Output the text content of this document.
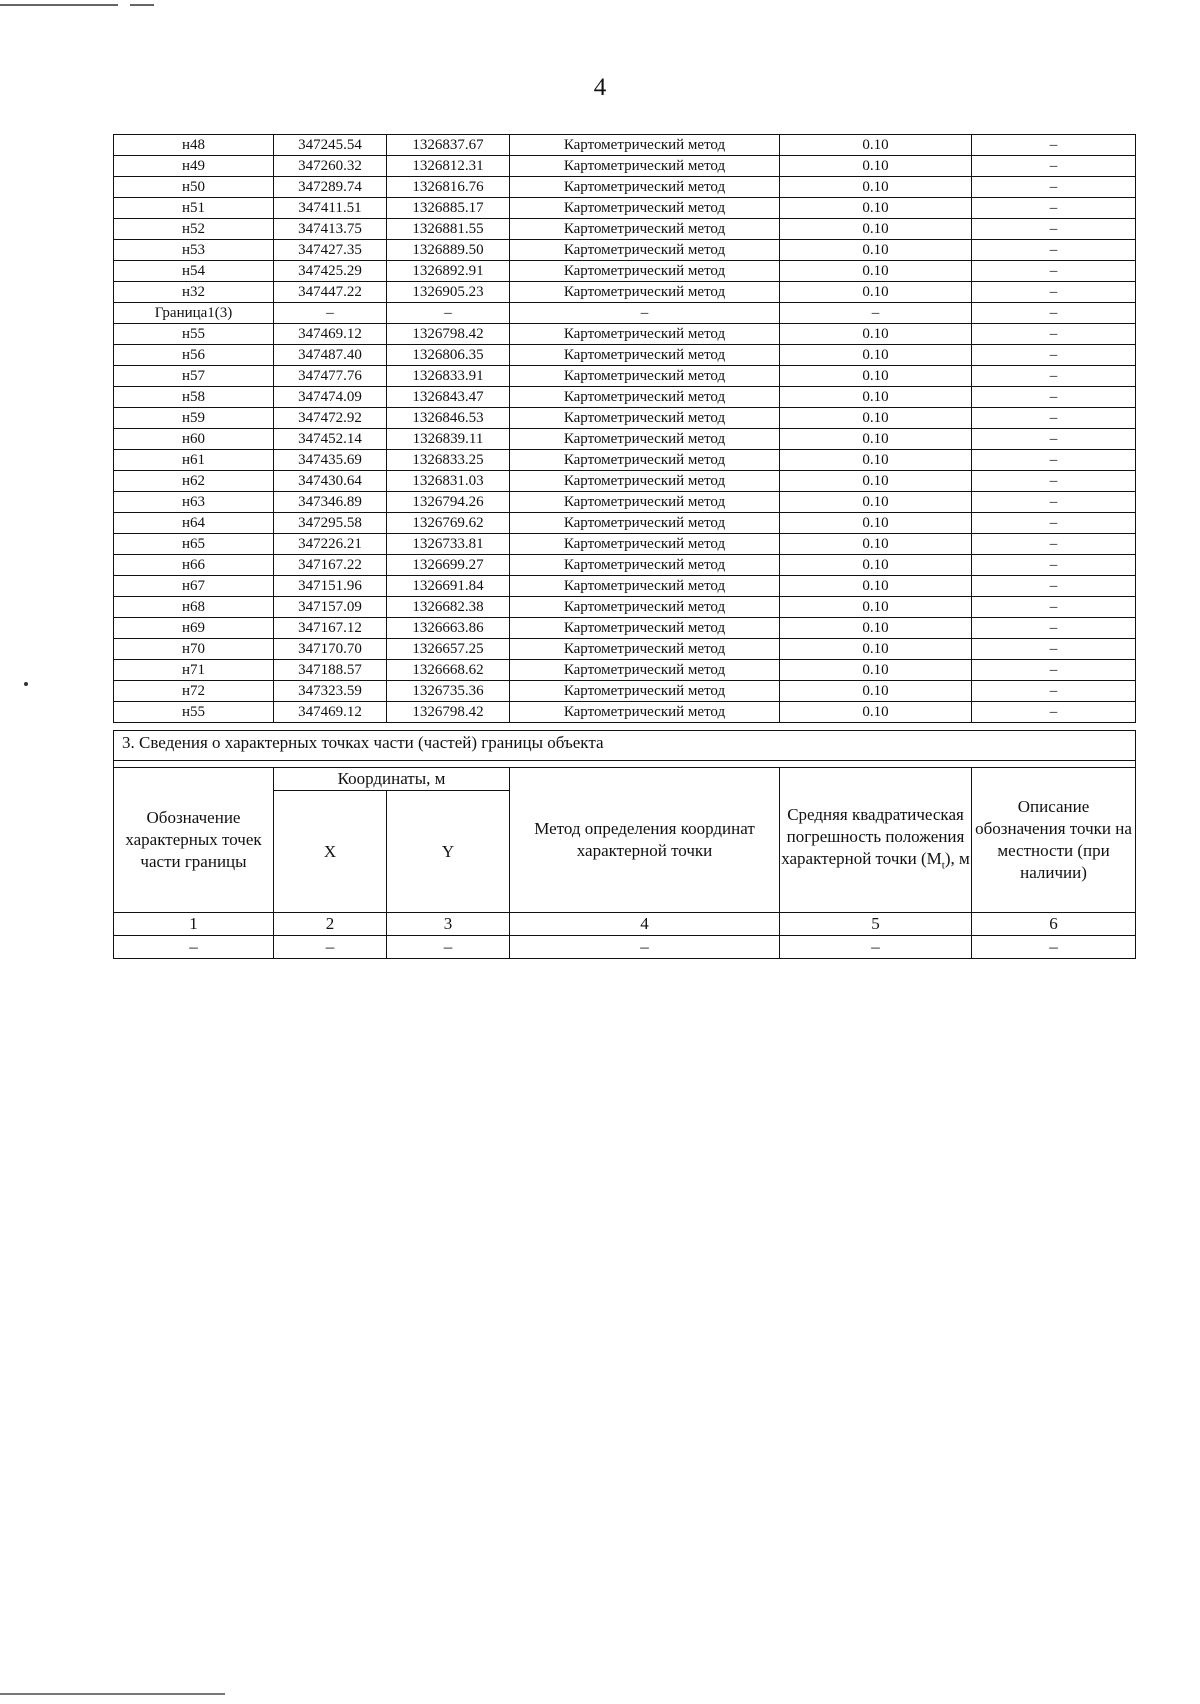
4
н48	347245.54	1326837.67	Картометрический метод	0.10	–
н49	347260.32	1326812.31	Картометрический метод	0.10	–
н50	347289.74	1326816.76	Картометрический метод	0.10	–
н51	347411.51	1326885.17	Картометрический метод	0.10	–
н52	347413.75	1326881.55	Картометрический метод	0.10	–
н53	347427.35	1326889.50	Картометрический метод	0.10	–
н54	347425.29	1326892.91	Картометрический метод	0.10	–
н32	347447.22	1326905.23	Картометрический метод	0.10	–
Граница1(3)	–	–	–	–	–
н55	347469.12	1326798.42	Картометрический метод	0.10	–
н56	347487.40	1326806.35	Картометрический метод	0.10	–
н57	347477.76	1326833.91	Картометрический метод	0.10	–
н58	347474.09	1326843.47	Картометрический метод	0.10	–
н59	347472.92	1326846.53	Картометрический метод	0.10	–
н60	347452.14	1326839.11	Картометрический метод	0.10	–
н61	347435.69	1326833.25	Картометрический метод	0.10	–
н62	347430.64	1326831.03	Картометрический метод	0.10	–
н63	347346.89	1326794.26	Картометрический метод	0.10	–
н64	347295.58	1326769.62	Картометрический метод	0.10	–
н65	347226.21	1326733.81	Картометрический метод	0.10	–
н66	347167.22	1326699.27	Картометрический метод	0.10	–
н67	347151.96	1326691.84	Картометрический метод	0.10	–
н68	347157.09	1326682.38	Картометрический метод	0.10	–
н69	347167.12	1326663.86	Картометрический метод	0.10	–
н70	347170.70	1326657.25	Картометрический метод	0.10	–
н71	347188.57	1326668.62	Картометрический метод	0.10	–
н72	347323.59	1326735.36	Картометрический метод	0.10	–
н55	347469.12	1326798.42	Картометрический метод	0.10	–
3. Сведения о характерных точках части (частей) границы объекта					

Обозначение характерных точек части границы	Координаты, м		Метод определения координат характерной точки	Средняя квадратическая погрешность положения характерной точки $(M_t)$, м	Описание обозначения точки на местности (при наличии)
	X	Y			
1	2	3	4	5	6
–	–	–	–	–	–
